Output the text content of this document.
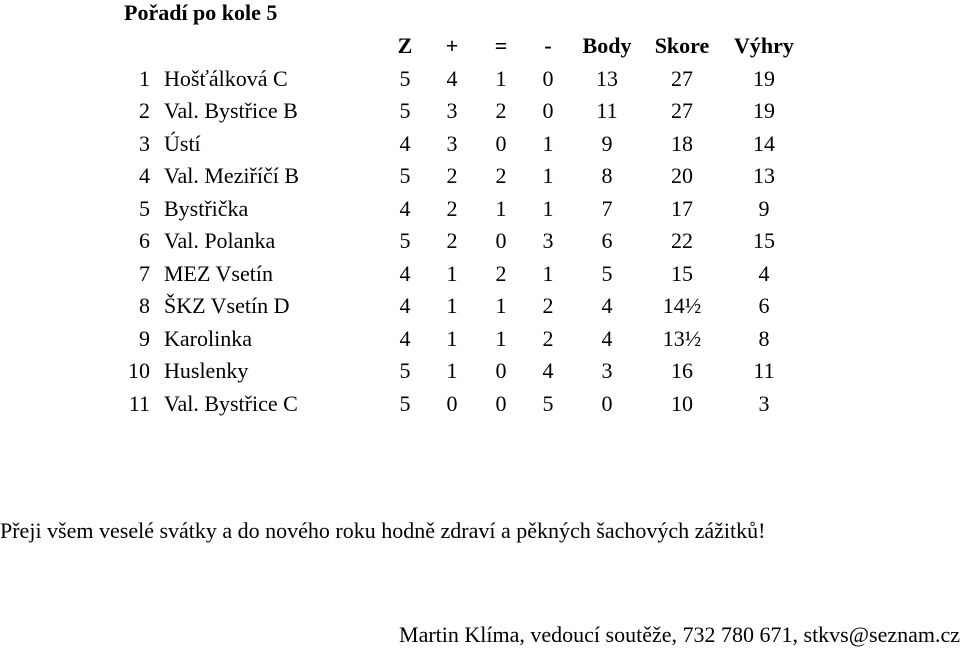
Pořadí po kole 5
		Z	+	=	-	Body	Skore	Výhry
1	Hošťálková C	5	4	1	0	13	27	19
2	Val. Bystřice B	5	3	2	0	11	27	19
3	Ústí	4	3	0	1	9	18	14
4	Val. Meziříčí B	5	2	2	1	8	20	13
5	Bystřička	4	2	1	1	7	17	9
6	Val. Polanka	5	2	0	3	6	22	15
7	MEZ Vsetín	4	1	2	1	5	15	4
8	ŠKZ Vsetín D	4	1	1	2	4	14½	6
9	Karolinka	4	1	1	2	4	13½	8
10	Huslenky	5	1	0	4	3	16	11
11	Val. Bystřice C	5	0	0	5	0	10	3
Přeji všem veselé svátky a do nového roku hodně zdraví a pěkných šachových zážitků!
Martin Klíma, vedoucí soutěže, 732 780 671, stkvs@seznam.cz
